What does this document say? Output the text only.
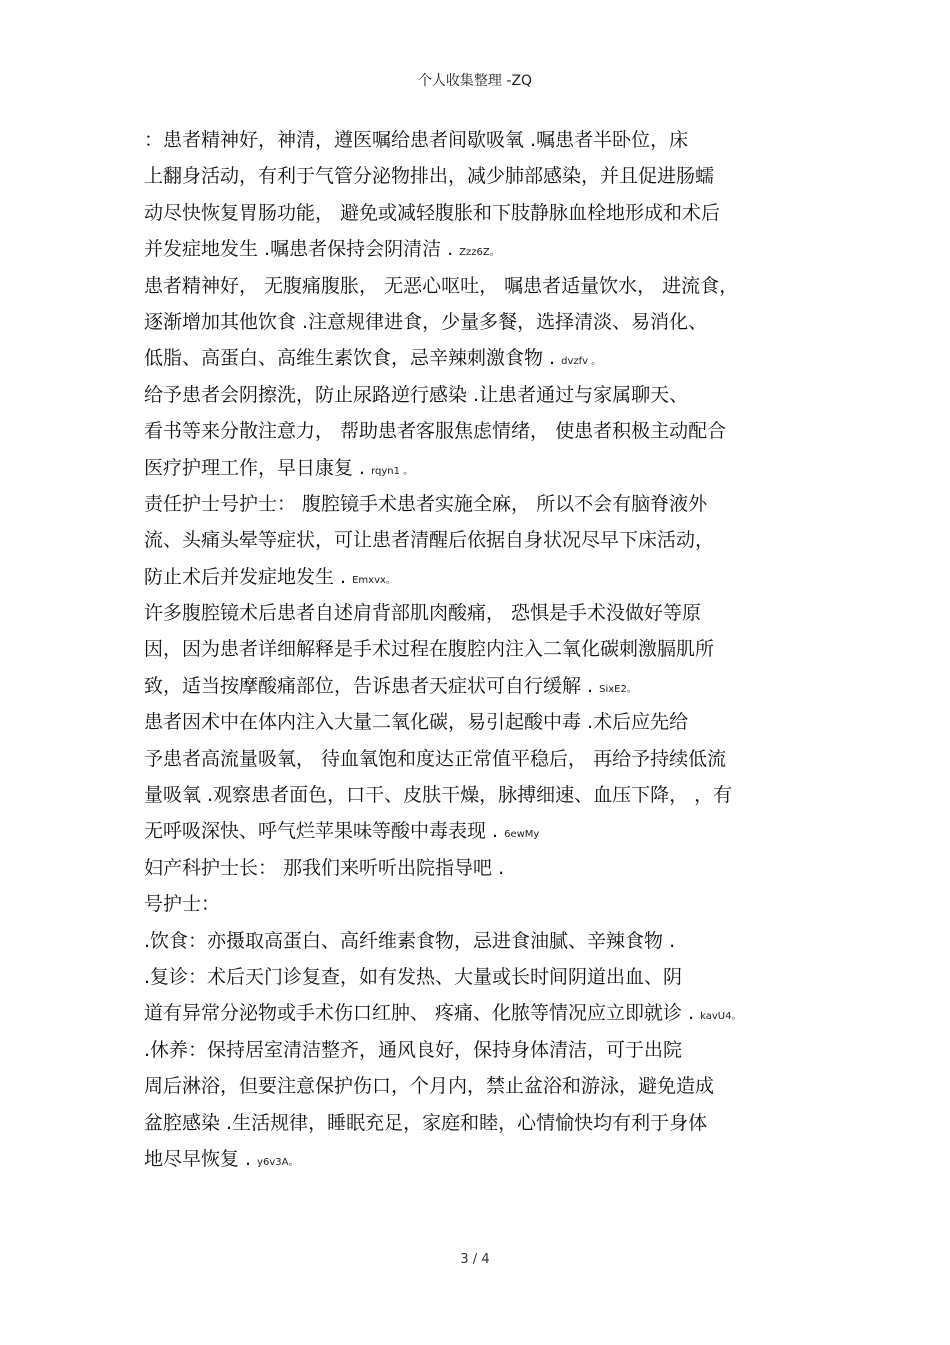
个人收集整理 -ZQ
：患者精神好，神清，遵医嘱给患者间歇吸氧 .嘱患者半卧位，床
上翻身活动，有利于气管分泌物排出，减少肺部感染，并且促进肠蠕
动尽快恢复胃肠功能， 避免或减轻腹胀和下肢静脉血栓地形成和术后
并发症地发生 .嘱患者保持会阴清洁 . Zzz6Z。
患者精神好， 无腹痛腹胀， 无恶心呕吐， 嘱患者适量饮水， 进流食，
逐渐增加其他饮食 .注意规律进食，少量多餐，选择清淡、易消化、
低脂、高蛋白、高维生素饮食，忌辛辣刺激食物 . dvzfv 。
给予患者会阴擦洗，防止尿路逆行感染 .让患者通过与家属聊天、
看书等来分散注意力， 帮助患者客服焦虑情绪， 使患者积极主动配合
医疗护理工作，早日康复 . rqyn1 。
责任护士号护士： 腹腔镜手术患者实施全麻， 所以不会有脑脊液外
流、头痛头晕等症状，可让患者清醒后依据自身状况尽早下床活动，
防止术后并发症地发生 . Emxvx。
许多腹腔镜术后患者自述肩背部肌肉酸痛， 恐惧是手术没做好等原
因，因为患者详细解释是手术过程在腹腔内注入二氧化碳刺激膈肌所
致，适当按摩酸痛部位，告诉患者天症状可自行缓解 . SixE2。
患者因术中在体内注入大量二氧化碳，易引起酸中毒 .术后应先给
予患者高流量吸氧， 待血氧饱和度达正常值平稳后， 再给予持续低流
量吸氧 .观察患者面色，口干、皮肤干燥，脉搏细速、血压下降， ，有
无呼吸深快、呼气烂苹果味等酸中毒表现 . 6ewMy
妇产科护士长： 那我们来听听出院指导吧 .
号护士：
.饮食：亦摄取高蛋白、高纤维素食物，忌进食油腻、辛辣食物 .
.复诊：术后天门诊复查，如有发热、大量或长时间阴道出血、阴
道有异常分泌物或手术伤口红肿、 疼痛、化脓等情况应立即就诊 . kavU4。
.休养：保持居室清洁整齐，通风良好，保持身体清洁，可于出院
周后淋浴，但要注意保护伤口，个月内，禁止盆浴和游泳，避免造成
盆腔感染 .生活规律，睡眠充足，家庭和睦，心情愉快均有利于身体
地尽早恢复 . y6v3A。
3 / 4
